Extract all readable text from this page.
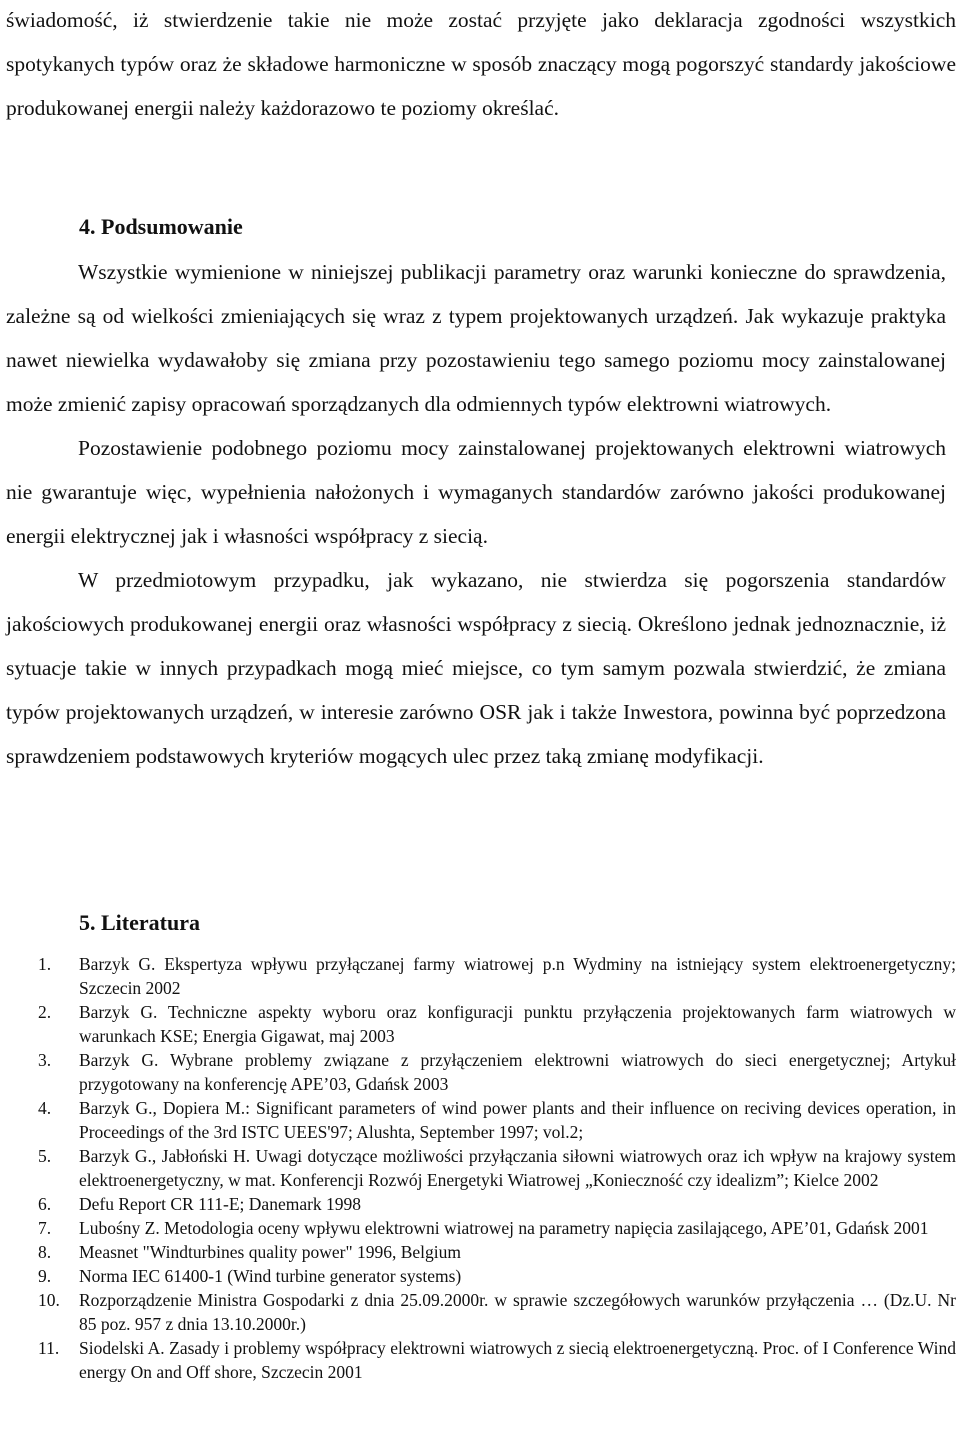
świadomość, iż stwierdzenie takie nie może zostać przyjęte jako deklaracja zgodności wszystkich spotykanych typów oraz że składowe harmoniczne w sposób znaczący mogą pogorszyć standardy jakościowe produkowanej energii należy każdorazowo te poziomy określać.

4. Podsumowanie

Wszystkie wymienione w niniejszej publikacji parametry oraz warunki konieczne do sprawdzenia, zależne są od wielkości zmieniających się wraz z typem projektowanych urządzeń. Jak wykazuje praktyka nawet niewielka wydawałoby się zmiana przy pozostawieniu tego samego poziomu mocy zainstalowanej może zmienić zapisy opracowań sporządzanych dla odmiennych typów elektrowni wiatrowych.

Pozostawienie podobnego poziomu mocy zainstalowanej projektowanych elektrowni wiatrowych nie gwarantuje więc, wypełnienia nałożonych i wymaganych standardów zarówno jakości produkowanej energii elektrycznej jak i własności współpracy z siecią.

W przedmiotowym przypadku, jak wykazano, nie stwierdza się pogorszenia standardów jakościowych produkowanej energii oraz własności współpracy z siecią. Określono jednak jednoznacznie, iż sytuacje takie w innych przypadkach mogą mieć miejsce, co tym samym pozwala stwierdzić, że zmiana typów projektowanych urządzeń, w interesie zarówno OSR jak i także Inwestora, powinna być poprzedzona sprawdzeniem podstawowych kryteriów mogących ulec przez taką zmianę modyfikacji.

5. Literatura
1. Barzyk G. Ekspertyza wpływu przyłączanej farmy wiatrowej p.n Wydminy na istniejący system elektroenergetyczny; Szczecin 2002
2. Barzyk G. Techniczne aspekty wyboru oraz konfiguracji punktu przyłączenia projektowanych farm wiatrowych w warunkach KSE; Energia Gigawat, maj 2003
3. Barzyk G. Wybrane problemy związane z przyłączeniem elektrowni wiatrowych do sieci energetycznej; Artykuł przygotowany na konferencję APE’03, Gdańsk 2003
4. Barzyk G., Dopiera M.: Significant parameters of wind power plants and their influence on reciving devices operation, in Proceedings of the 3rd ISTC UEES'97; Alushta, September 1997; vol.2;
5. Barzyk G., Jabłoński H. Uwagi dotyczące możliwości przyłączania siłowni wiatrowych oraz ich wpływ na krajowy system elektroenergetyczny, w mat. Konferencji Rozwój Energetyki Wiatrowej „Konieczność czy idealizm”; Kielce 2002
6. Defu Report CR 111-E; Danemark 1998
7. Lubośny Z. Metodologia oceny wpływu elektrowni wiatrowej na parametry napięcia zasilającego, APE’01, Gdańsk 2001
8. Measnet "Windturbines quality power" 1996, Belgium
9. Norma IEC 61400-1 (Wind turbine generator systems)
10. Rozporządzenie Ministra Gospodarki z dnia 25.09.2000r. w sprawie szczegółowych warunków przyłączenia … (Dz.U. Nr 85 poz. 957 z dnia 13.10.2000r.)
11. Siodelski A. Zasady i problemy współpracy elektrowni wiatrowych z siecią elektroenergetyczną. Proc. of I Conference Wind energy On and Off shore, Szczecin 2001
